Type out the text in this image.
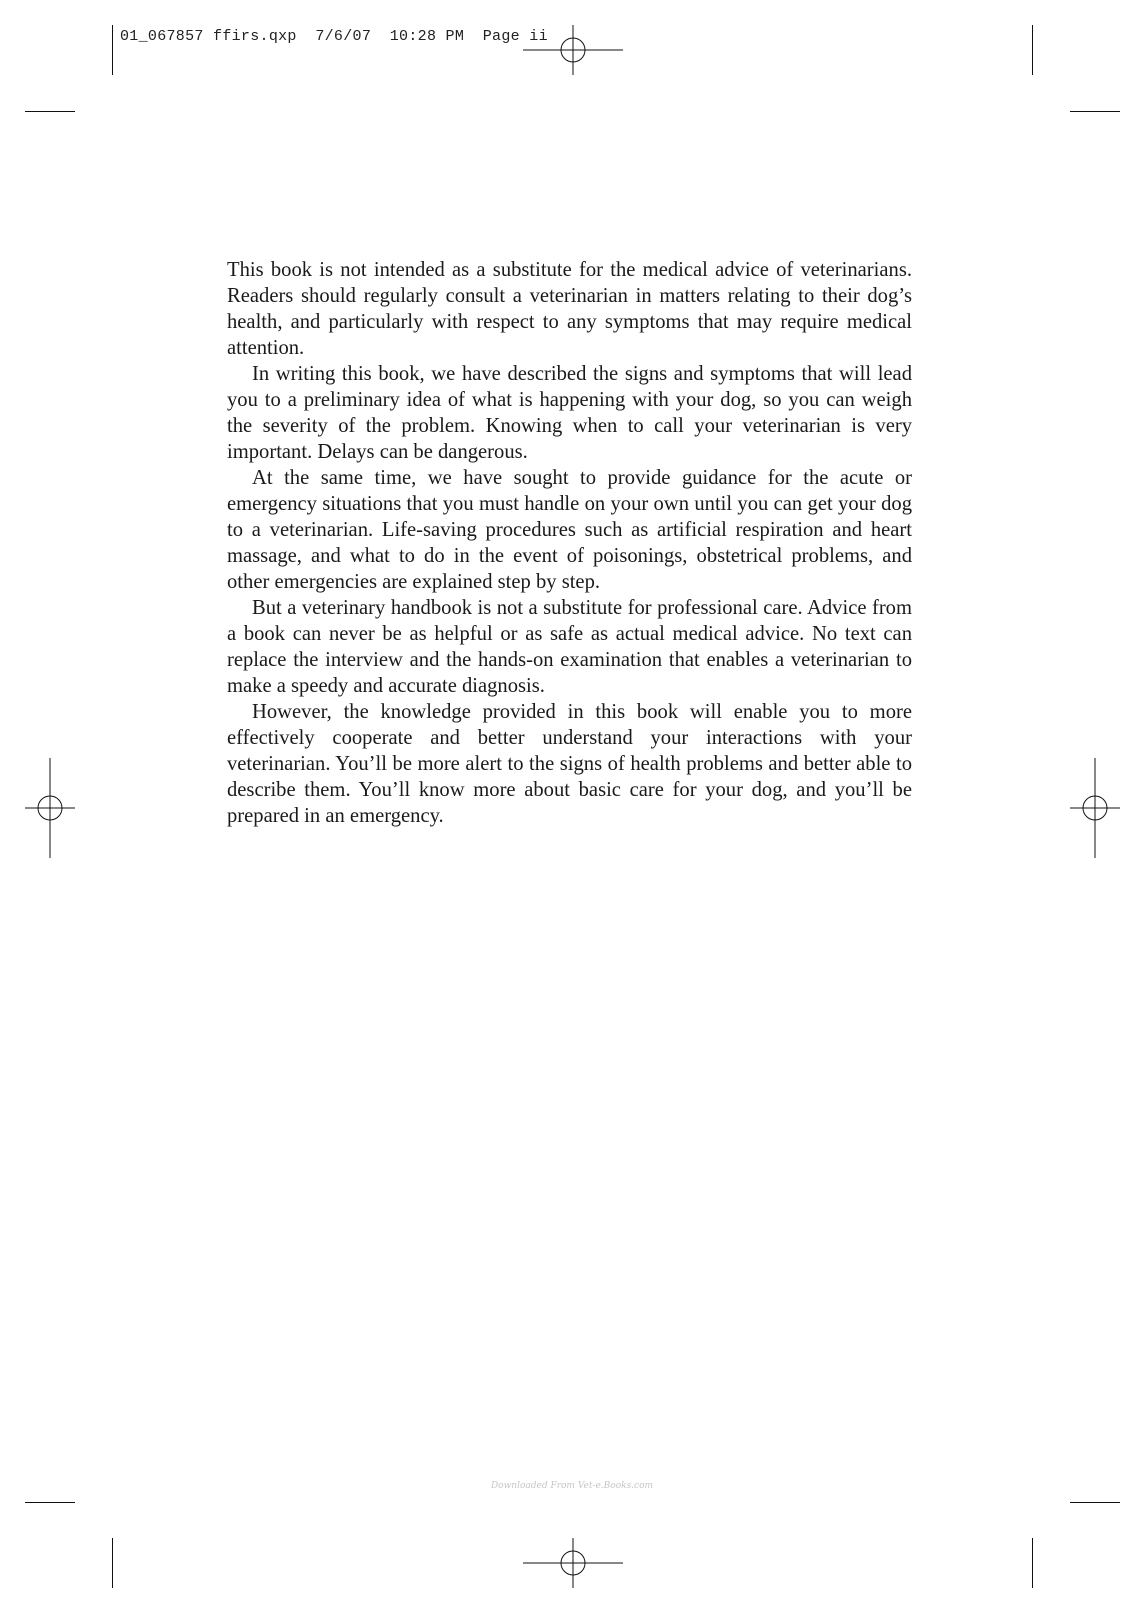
01_067857 ffirs.qxp  7/6/07  10:28 PM  Page ii

This book is not intended as a substitute for the medical advice of veterinarians. Readers should regularly consult a veterinarian in matters relating to their dog’s health, and particularly with respect to any symptoms that may require medical attention.

In writing this book, we have described the signs and symptoms that will lead you to a preliminary idea of what is happening with your dog, so you can weigh the severity of the problem. Knowing when to call your veterinarian is very important. Delays can be dangerous.

At the same time, we have sought to provide guidance for the acute or emergency situations that you must handle on your own until you can get your dog to a veterinarian. Life-saving procedures such as artificial respiration and heart massage, and what to do in the event of poisonings, obstetrical problems, and other emergencies are explained step by step.

But a veterinary handbook is not a substitute for professional care. Advice from a book can never be as helpful or as safe as actual medical advice. No text can replace the interview and the hands-on examination that enables a veterinarian to make a speedy and accurate diagnosis.

However, the knowledge provided in this book will enable you to more effectively cooperate and better understand your interactions with your veterinarian. You’ll be more alert to the signs of health problems and better able to describe them. You’ll know more about basic care for your dog, and you’ll be prepared in an emergency.

Downloaded From Vet-e.Books.com
